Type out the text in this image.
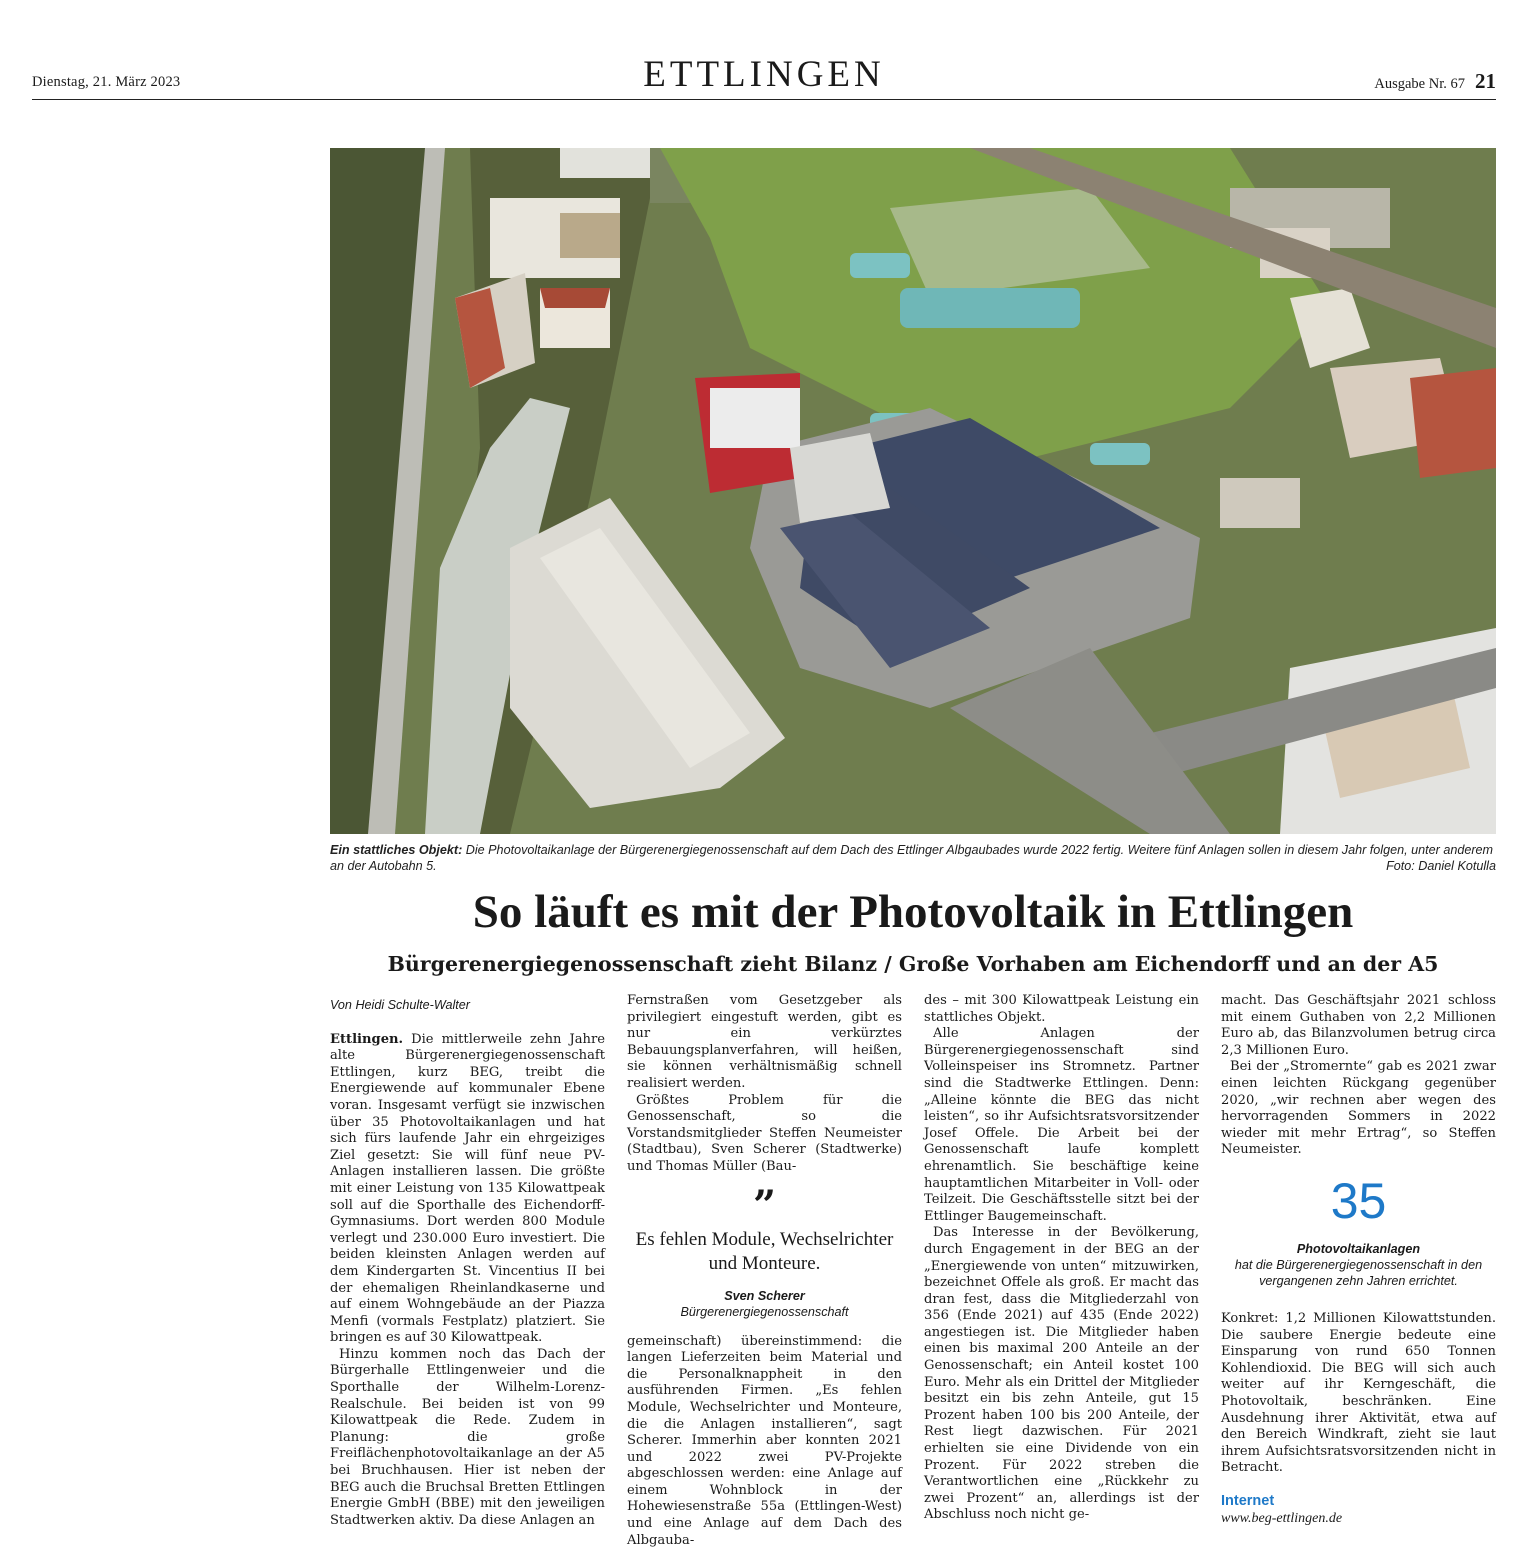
Dienstag, 21. März 2023	ETTLINGEN	Ausgabe Nr. 67 21
Ein stattliches Objekt: Die Photovoltaikanlage der Bürgerenergiegenossenschaft auf dem Dach des Ettlinger Albgaubades wurde 2022 fertig. Weitere fünf Anlagen sollen in diesem Jahr folgen, unter anderem an der Autobahn 5.	Foto: Daniel Kotulla
So läuft es mit der Photovoltaik in Ettlingen
Bürgerenergiegenossenschaft zieht Bilanz / Große Vorhaben am Eichendorff und an der A5
Von Heidi Schulte-Walter

Ettlingen. Die mittlerweile zehn Jahre alte Bürgerenergiegenossenschaft Ettlingen, kurz BEG, treibt die Energiewende auf kommunaler Ebene voran. Insgesamt verfügt sie inzwischen über 35 Photovoltaikanlagen und hat sich fürs laufende Jahr ein ehrgeiziges Ziel gesetzt: Sie will fünf neue PV-Anlagen installieren lassen. Die größte mit einer Leistung von 135 Kilowattpeak soll auf die Sporthalle des Eichendorff-Gymnasiums. Dort werden 800 Module verlegt und 230.000 Euro investiert. Die beiden kleinsten Anlagen werden auf dem Kindergarten St. Vincentius II bei der ehemaligen Rheinlandkaserne und auf einem Wohngebäude an der Piazza Menfi (vormals Festplatz) platziert. Sie bringen es auf 30 Kilowattpeak.

Hinzu kommen noch das Dach der Bürgerhalle Ettlingenweier und die Sporthalle der Wilhelm-Lorenz-Realschule. Bei beiden ist von 99 Kilowattpeak die Rede. Zudem in Planung: die große Freiflächenphotovoltaikanlage an der A5 bei Bruchhausen. Hier ist neben der BEG auch die Bruchsal Bretten Ettlingen Energie GmbH (BBE) mit den jeweiligen Stadtwerken aktiv. Da diese Anlagen an

Fernstraßen vom Gesetzgeber als privilegiert eingestuft werden, gibt es nur ein verkürztes Bebauungsplanverfahren, will heißen, sie können verhältnismäßig schnell realisiert werden.

Größtes Problem für die Genossenschaft, so die Vorstandsmitglieder Steffen Neumeister (Stadtbau), Sven Scherer (Stadtwerke) und Thomas Müller (Bau-

”
Es fehlen Module, Wechselrichter und Monteure.
Sven Scherer
Bürgerenergiegenossenschaft

gemeinschaft) übereinstimmend: die langen Lieferzeiten beim Material und die Personalknappheit in den ausführenden Firmen. „Es fehlen Module, Wechselrichter und Monteure, die die Anlagen installieren“, sagt Scherer. Immerhin aber konnten 2021 und 2022 zwei PV-Projekte abgeschlossen werden: eine Anlage auf einem Wohnblock in der Hohewiesenstraße 55a (Ettlingen-West) und eine Anlage auf dem Dach des Albgauba-

des – mit 300 Kilowattpeak Leistung ein stattliches Objekt.

Alle Anlagen der Bürgerenergiegenossenschaft sind Volleinspeiser ins Stromnetz. Partner sind die Stadtwerke Ettlingen. Denn: „Alleine könnte die BEG das nicht leisten“, so ihr Aufsichtsratsvorsitzender Josef Offele. Die Arbeit bei der Genossenschaft laufe komplett ehrenamtlich. Sie beschäftige keine hauptamtlichen Mitarbeiter in Voll- oder Teilzeit. Die Geschäftsstelle sitzt bei der Ettlinger Baugemeinschaft.

Das Interesse in der Bevölkerung, durch Engagement in der BEG an der „Energiewende von unten“ mitzuwirken, bezeichnet Offele als groß. Er macht das dran fest, dass die Mitgliederzahl von 356 (Ende 2021) auf 435 (Ende 2022) angestiegen ist. Die Mitglieder haben einen bis maximal 200 Anteile an der Genossenschaft; ein Anteil kostet 100 Euro. Mehr als ein Drittel der Mitglieder besitzt ein bis zehn Anteile, gut 15 Prozent haben 100 bis 200 Anteile, der Rest liegt dazwischen. Für 2021 erhielten sie eine Dividende von ein Prozent. Für 2022 streben die Verantwortlichen eine „Rückkehr zu zwei Prozent“ an, allerdings ist der Abschluss noch nicht ge-

macht. Das Geschäftsjahr 2021 schloss mit einem Guthaben von 2,2 Millionen Euro ab, das Bilanzvolumen betrug circa 2,3 Millionen Euro.

Bei der „Stromernte“ gab es 2021 zwar einen leichten Rückgang gegenüber 2020, „wir rechnen aber wegen des hervorragenden Sommers in 2022 wieder mit mehr Ertrag“, so Steffen Neumeister.

35
Photovoltaikanlagen
hat die Bürgerenergiegenossenschaft in den vergangenen zehn Jahren errichtet.

Konkret: 1,2 Millionen Kilowattstunden. Die saubere Energie bedeute eine Einsparung von rund 650 Tonnen Kohlendioxid. Die BEG will sich auch weiter auf ihr Kerngeschäft, die Photovoltaik, beschränken. Eine Ausdehnung ihrer Aktivität, etwa auf den Bereich Windkraft, zieht sie laut ihrem Aufsichtsratsvorsitzenden nicht in Betracht.

Internet
www.beg-ettlingen.de
